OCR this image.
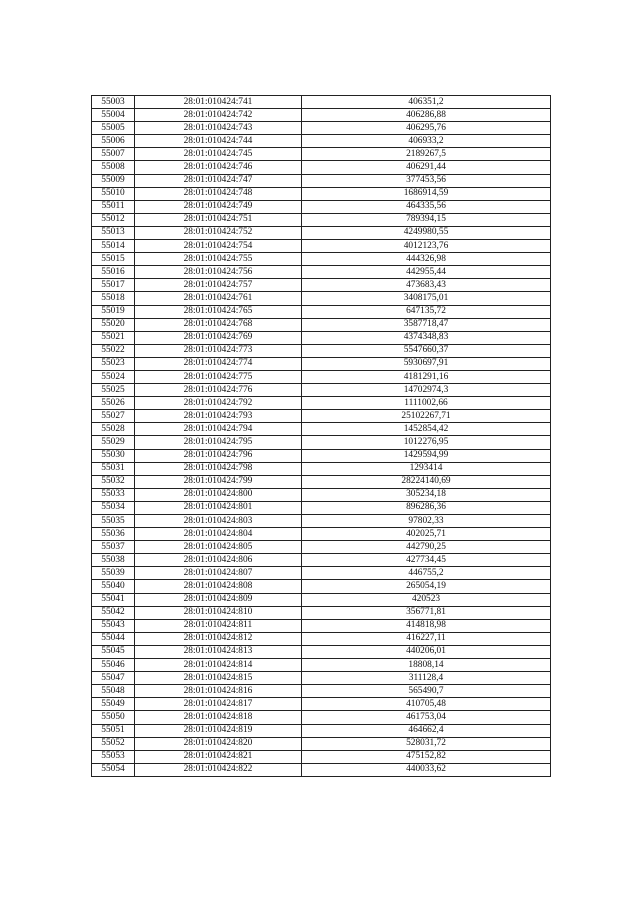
55003	28:01:010424:741	406351,2
55004	28:01:010424:742	406286,88
55005	28:01:010424:743	406295,76
55006	28:01:010424:744	406933,2
55007	28:01:010424:745	2189267,5
55008	28:01:010424:746	406291,44
55009	28:01:010424:747	377453,56
55010	28:01:010424:748	1686914,59
55011	28:01:010424:749	464335,56
55012	28:01:010424:751	789394,15
55013	28:01:010424:752	4249980,55
55014	28:01:010424:754	4012123,76
55015	28:01:010424:755	444326,98
55016	28:01:010424:756	442955,44
55017	28:01:010424:757	473683,43
55018	28:01:010424:761	3408175,01
55019	28:01:010424:765	647135,72
55020	28:01:010424:768	3587718,47
55021	28:01:010424:769	4374348,83
55022	28:01:010424:773	5547660,37
55023	28:01:010424:774	5930697,91
55024	28:01:010424:775	4181291,16
55025	28:01:010424:776	14702974,3
55026	28:01:010424:792	1111002,66
55027	28:01:010424:793	25102267,71
55028	28:01:010424:794	1452854,42
55029	28:01:010424:795	1012276,95
55030	28:01:010424:796	1429594,99
55031	28:01:010424:798	1293414
55032	28:01:010424:799	28224140,69
55033	28:01:010424:800	305234,18
55034	28:01:010424:801	896286,36
55035	28:01:010424:803	97802,33
55036	28:01:010424:804	402025,71
55037	28:01:010424:805	442790,25
55038	28:01:010424:806	427734,45
55039	28:01:010424:807	446755,2
55040	28:01:010424:808	265054,19
55041	28:01:010424:809	420523
55042	28:01:010424:810	356771,81
55043	28:01:010424:811	414818,98
55044	28:01:010424:812	416227,11
55045	28:01:010424:813	440206,01
55046	28:01:010424:814	18808,14
55047	28:01:010424:815	311128,4
55048	28:01:010424:816	565490,7
55049	28:01:010424:817	410705,48
55050	28:01:010424:818	461753,04
55051	28:01:010424:819	464662,4
55052	28:01:010424:820	528031,72
55053	28:01:010424:821	475152,82
55054	28:01:010424:822	440033,62
